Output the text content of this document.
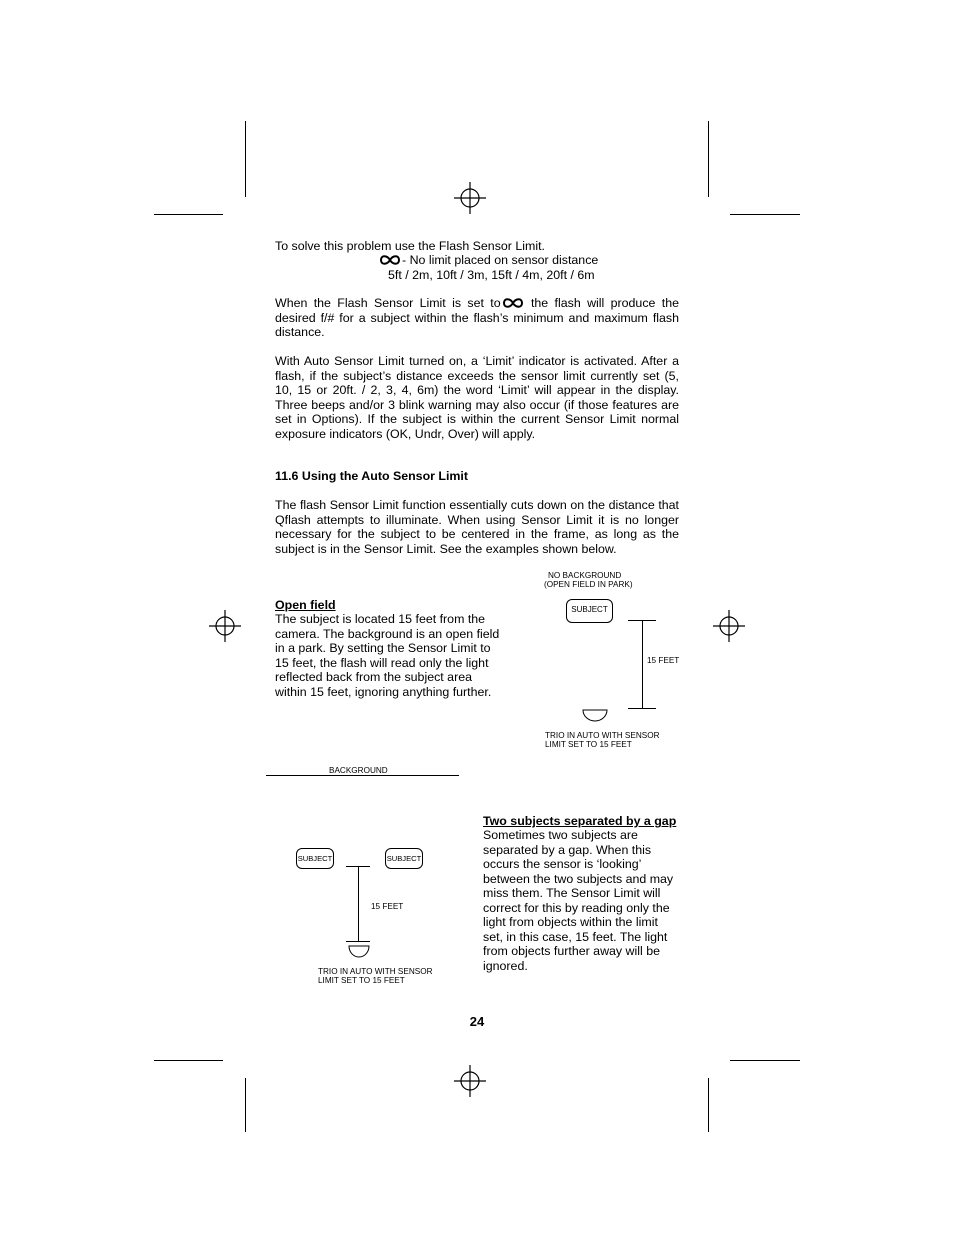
To solve this problem use the Flash Sensor Limit.
- No limit placed on sensor distance
5ft / 2m, 10ft / 3m, 15ft / 4m, 20ft / 6m
When the Flash Sensor Limit is set to the flash will produce the desired f/# for a subject within the flash’s minimum and maximum flash distance.
With Auto Sensor Limit turned on, a ‘Limit’ indicator is activated. After a flash, if the subject’s distance exceeds the sensor limit currently set (5, 10, 15 or 20ft. / 2, 3, 4, 6m) the word ‘Limit’ will appear in the display. Three beeps and/or 3 blink warning may also occur (if those features are set in Options). If the subject is within the current Sensor Limit normal exposure indicators (OK, Undr, Over) will apply.
11.6 Using the Auto Sensor Limit
The flash Sensor Limit function essentially cuts down on the distance that Qflash attempts to illuminate. When using Sensor Limit it is no longer necessary for the subject to be centered in the frame, as long as the subject is in the Sensor Limit. See the examples shown below.
Open field
The subject is located 15 feet from the camera. The background is an open field in a park. By setting the Sensor Limit to 15 feet, the flash will read only the light reflected back from the subject area within 15 feet, ignoring anything further.
NO BACKGROUND
(OPEN FIELD IN PARK)
SUBJECT
15 FEET
TRIO IN AUTO WITH SENSOR
LIMIT SET TO 15 FEET
BACKGROUND
SUBJECT	SUBJECT
15 FEET
TRIO IN AUTO WITH SENSOR
LIMIT SET TO 15 FEET
Two subjects separated by a gap
Sometimes two subjects are separated by a gap. When this occurs the sensor is ‘looking’ between the two subjects and may miss them. The Sensor Limit will correct for this by reading only the light from objects within the limit set, in this case, 15 feet. The light from objects further away will be ignored.
24
